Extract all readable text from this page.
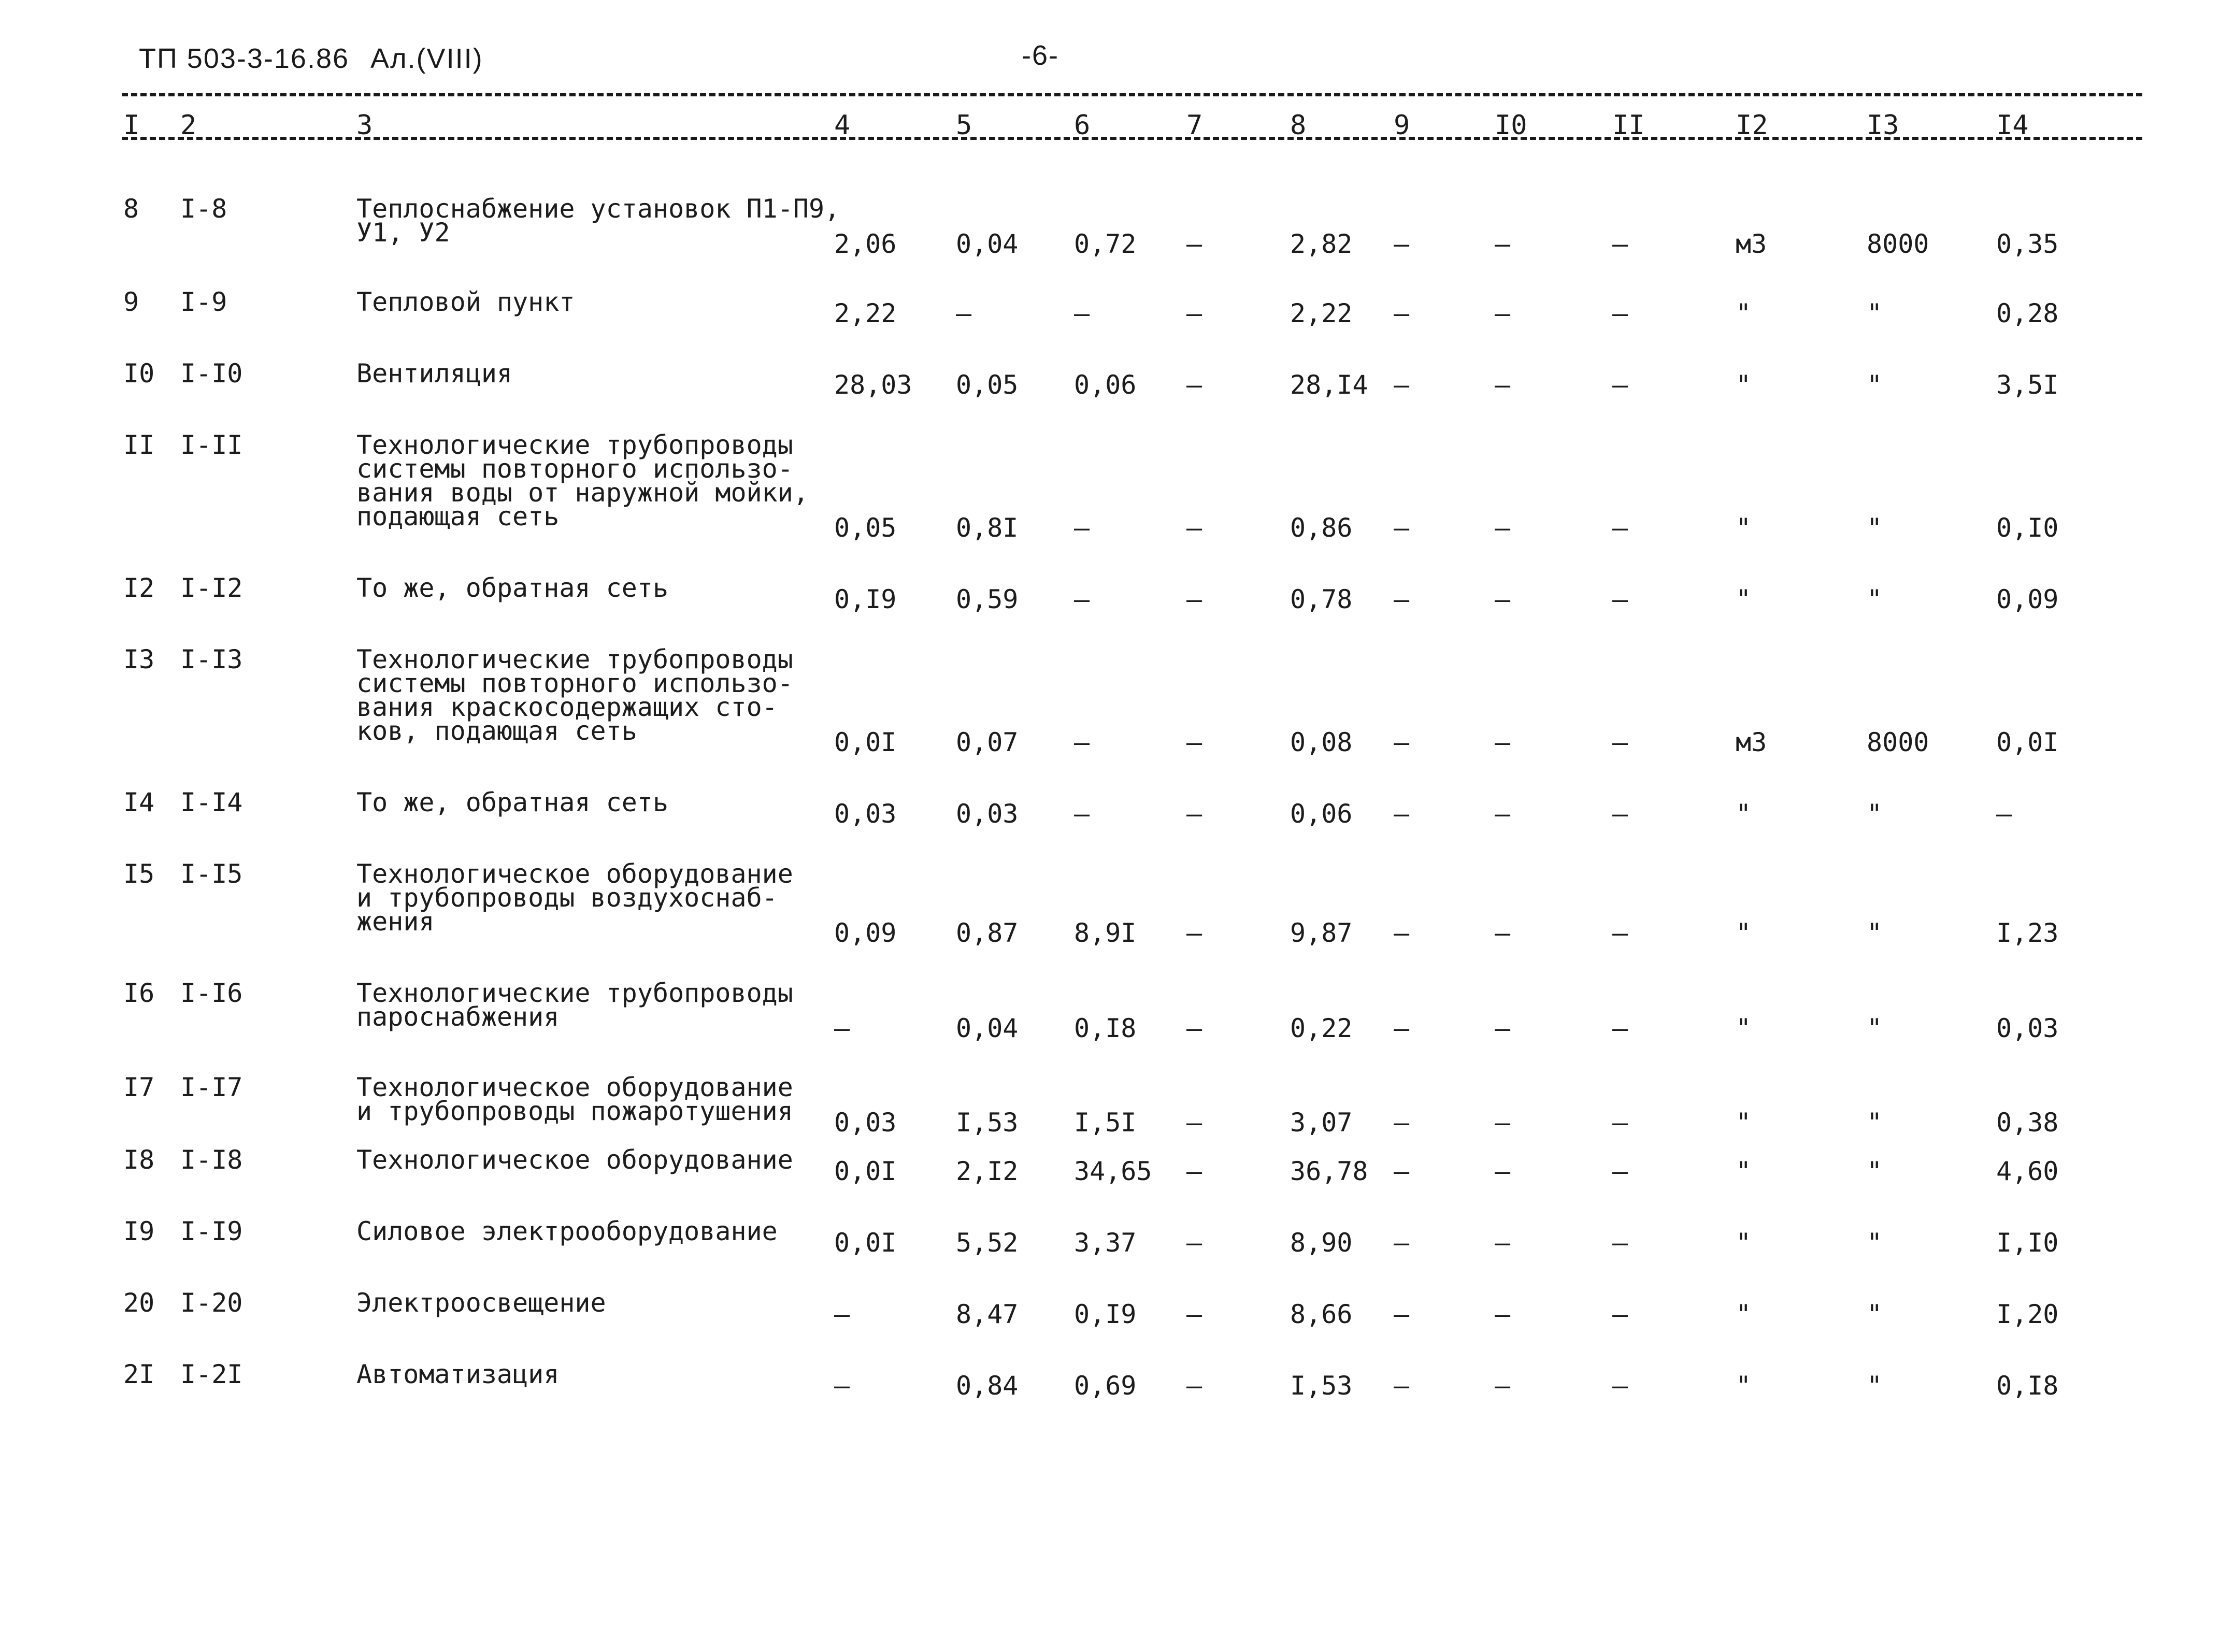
ТП 503-3-16.86 Ал.(VIII)	-6-
I 2	3	4	5	6	7	8	9	I0	II	I2	I3	I4
8 I-8	Теплоснабжение установок П1-П9,
У1, У2	2,06 0,04 0,72 –	2,82 –	–	–	м3	8000	0,35
9 I-9	Тепловой пункт	2,22 –	–	–	2,22 –	–	–	"	"	0,28
I0 I-I0	Вентиляция	28,03 0,05 0,06 –	28,I4 –	–	–	"	"	3,5I
II I-II	Технологические трубопроводы
системы повторного использо-
вания воды от наружной мойки,
подающая сеть	0,05 0,8I –	–	0,86 –	–	–	"	"	0,I0
I2 I-I2	То же, обратная сеть	0,I9 0,59 –	–	0,78 –	–	–	"	"	0,09
I3 I-I3	Технологические трубопроводы
системы повторного использо-
вания краскосодержащих сто-
ков, подающая сеть	0,0I 0,07 –	–	0,08 –	–	–	м3	8000	0,0I
I4 I-I4	То же, обратная сеть	0,03 0,03 –	–	0,06 –	–	–	"	"	–
I5 I-I5	Технологическое оборудование
и трубопроводы воздухоснаб-
жения	0,09 0,87 8,9I –	9,87 –	–	–	"	"	I,23
I6 I-I6	Технологические трубопроводы
пароснабжения	–	0,04 0,I8 –	0,22 –	–	–	"	"	0,03
I7 I-I7	Технологическое оборудование
и трубопроводы пожаротушения 0,03 I,53 I,5I –	3,07 –	–	–	"	"	0,38
I8 I-I8	Технологическое оборудование 0,0I 2,I2 34,65 –	36,78 –	–	–	"	"	4,60
I9 I-I9	Силовое электрооборудование 0,0I 5,52 3,37 –	8,90 –	–	–	"	"	I,I0
20 I-20	Электроосвещение	–	8,47 0,I9 –	8,66 –	–	–	"	"	I,20
2I I-2I	Автоматизация	–	0,84 0,69 –	I,53 –	–	–	"	"	0,I8
